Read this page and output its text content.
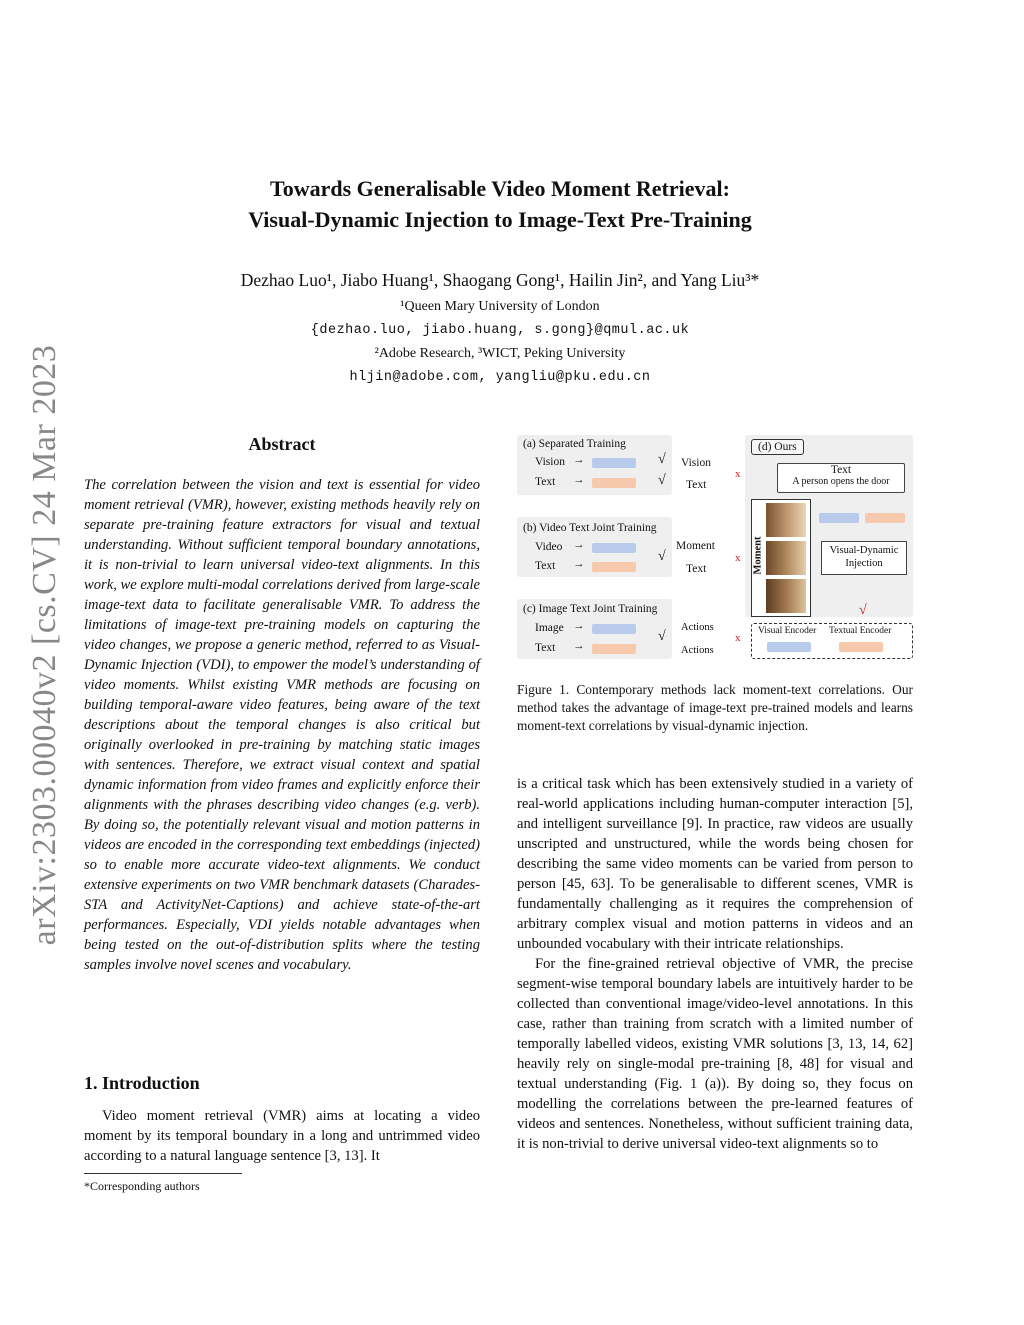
arXiv:2303.00040v2 [cs.CV] 24 Mar 2023
Towards Generalisable Video Moment Retrieval:
Visual-Dynamic Injection to Image-Text Pre-Training
Dezhao Luo¹, Jiabo Huang¹, Shaogang Gong¹, Hailin Jin², and Yang Liu³*
¹Queen Mary University of London
{dezhao.luo, jiabo.huang, s.gong}@qmul.ac.uk
²Adobe Research, ³WICT, Peking University
hljin@adobe.com, yangliu@pku.edu.cn
Abstract
The correlation between the vision and text is essential for video moment retrieval (VMR), however, existing methods heavily rely on separate pre-training feature extractors for visual and textual understanding. Without sufficient temporal boundary annotations, it is non-trivial to learn universal video-text alignments. In this work, we explore multi-modal correlations derived from large-scale image-text data to facilitate generalisable VMR. To address the limitations of image-text pre-training models on capturing the video changes, we propose a generic method, referred to as Visual-Dynamic Injection (VDI), to empower the model’s understanding of video moments. Whilst existing VMR methods are focusing on building temporal-aware video features, being aware of the text descriptions about the temporal changes is also critical but originally overlooked in pre-training by matching static images with sentences. Therefore, we extract visual context and spatial dynamic information from video frames and explicitly enforce their alignments with the phrases describing video changes (e.g. verb). By doing so, the potentially relevant visual and motion patterns in videos are encoded in the corresponding text embeddings (injected) so to enable more accurate video-text alignments. We conduct extensive experiments on two VMR benchmark datasets (Charades-STA and ActivityNet-Captions) and achieve state-of-the-art performances. Especially, VDI yields notable advantages when being tested on the out-of-distribution splits where the testing samples involve novel scenes and vocabulary.
1. Introduction
Video moment retrieval (VMR) aims at locating a video moment by its temporal boundary in a long and untrimmed video according to a natural language sentence [3, 13]. It
*Corresponding authors
(a) Separated Training
Vision →	√
Text →	√
Vision
Text
x
(b) Video Text Joint Training
Video →
Text →	√
Moment
Text
x
(c) Image Text Joint Training
Image →
Text →
√
Actions
Actions
x
(d) Ours
Text
A person opens the door
Moment	Visual-Dynamic Injection
√
Visual Encoder Textual Encoder
Figure 1. Contemporary methods lack moment-text correlations. Our method takes the advantage of image-text pre-trained models and learns moment-text correlations by visual-dynamic injection.

is a critical task which has been extensively studied in a variety of real-world applications including human-computer interaction [5], and intelligent surveillance [9]. In practice, raw videos are usually unscripted and unstructured, while the words being chosen for describing the same video moments can be varied from person to person [45, 63]. To be generalisable to different scenes, VMR is fundamentally challenging as it requires the comprehension of arbitrary complex visual and motion patterns in videos and an unbounded vocabulary with their intricate relationships.

For the fine-grained retrieval objective of VMR, the precise segment-wise temporal boundary labels are intuitively harder to be collected than conventional image/video-level annotations. In this case, rather than training from scratch with a limited number of temporally labelled videos, existing VMR solutions [3, 13, 14, 62] heavily rely on single-modal pre-training [8, 48] for visual and textual understanding (Fig. 1 (a)). By doing so, they focus on modelling the correlations between the pre-learned features of videos and sentences. Nonetheless, without sufficient training data, it is non-trivial to derive universal video-text alignments so to
